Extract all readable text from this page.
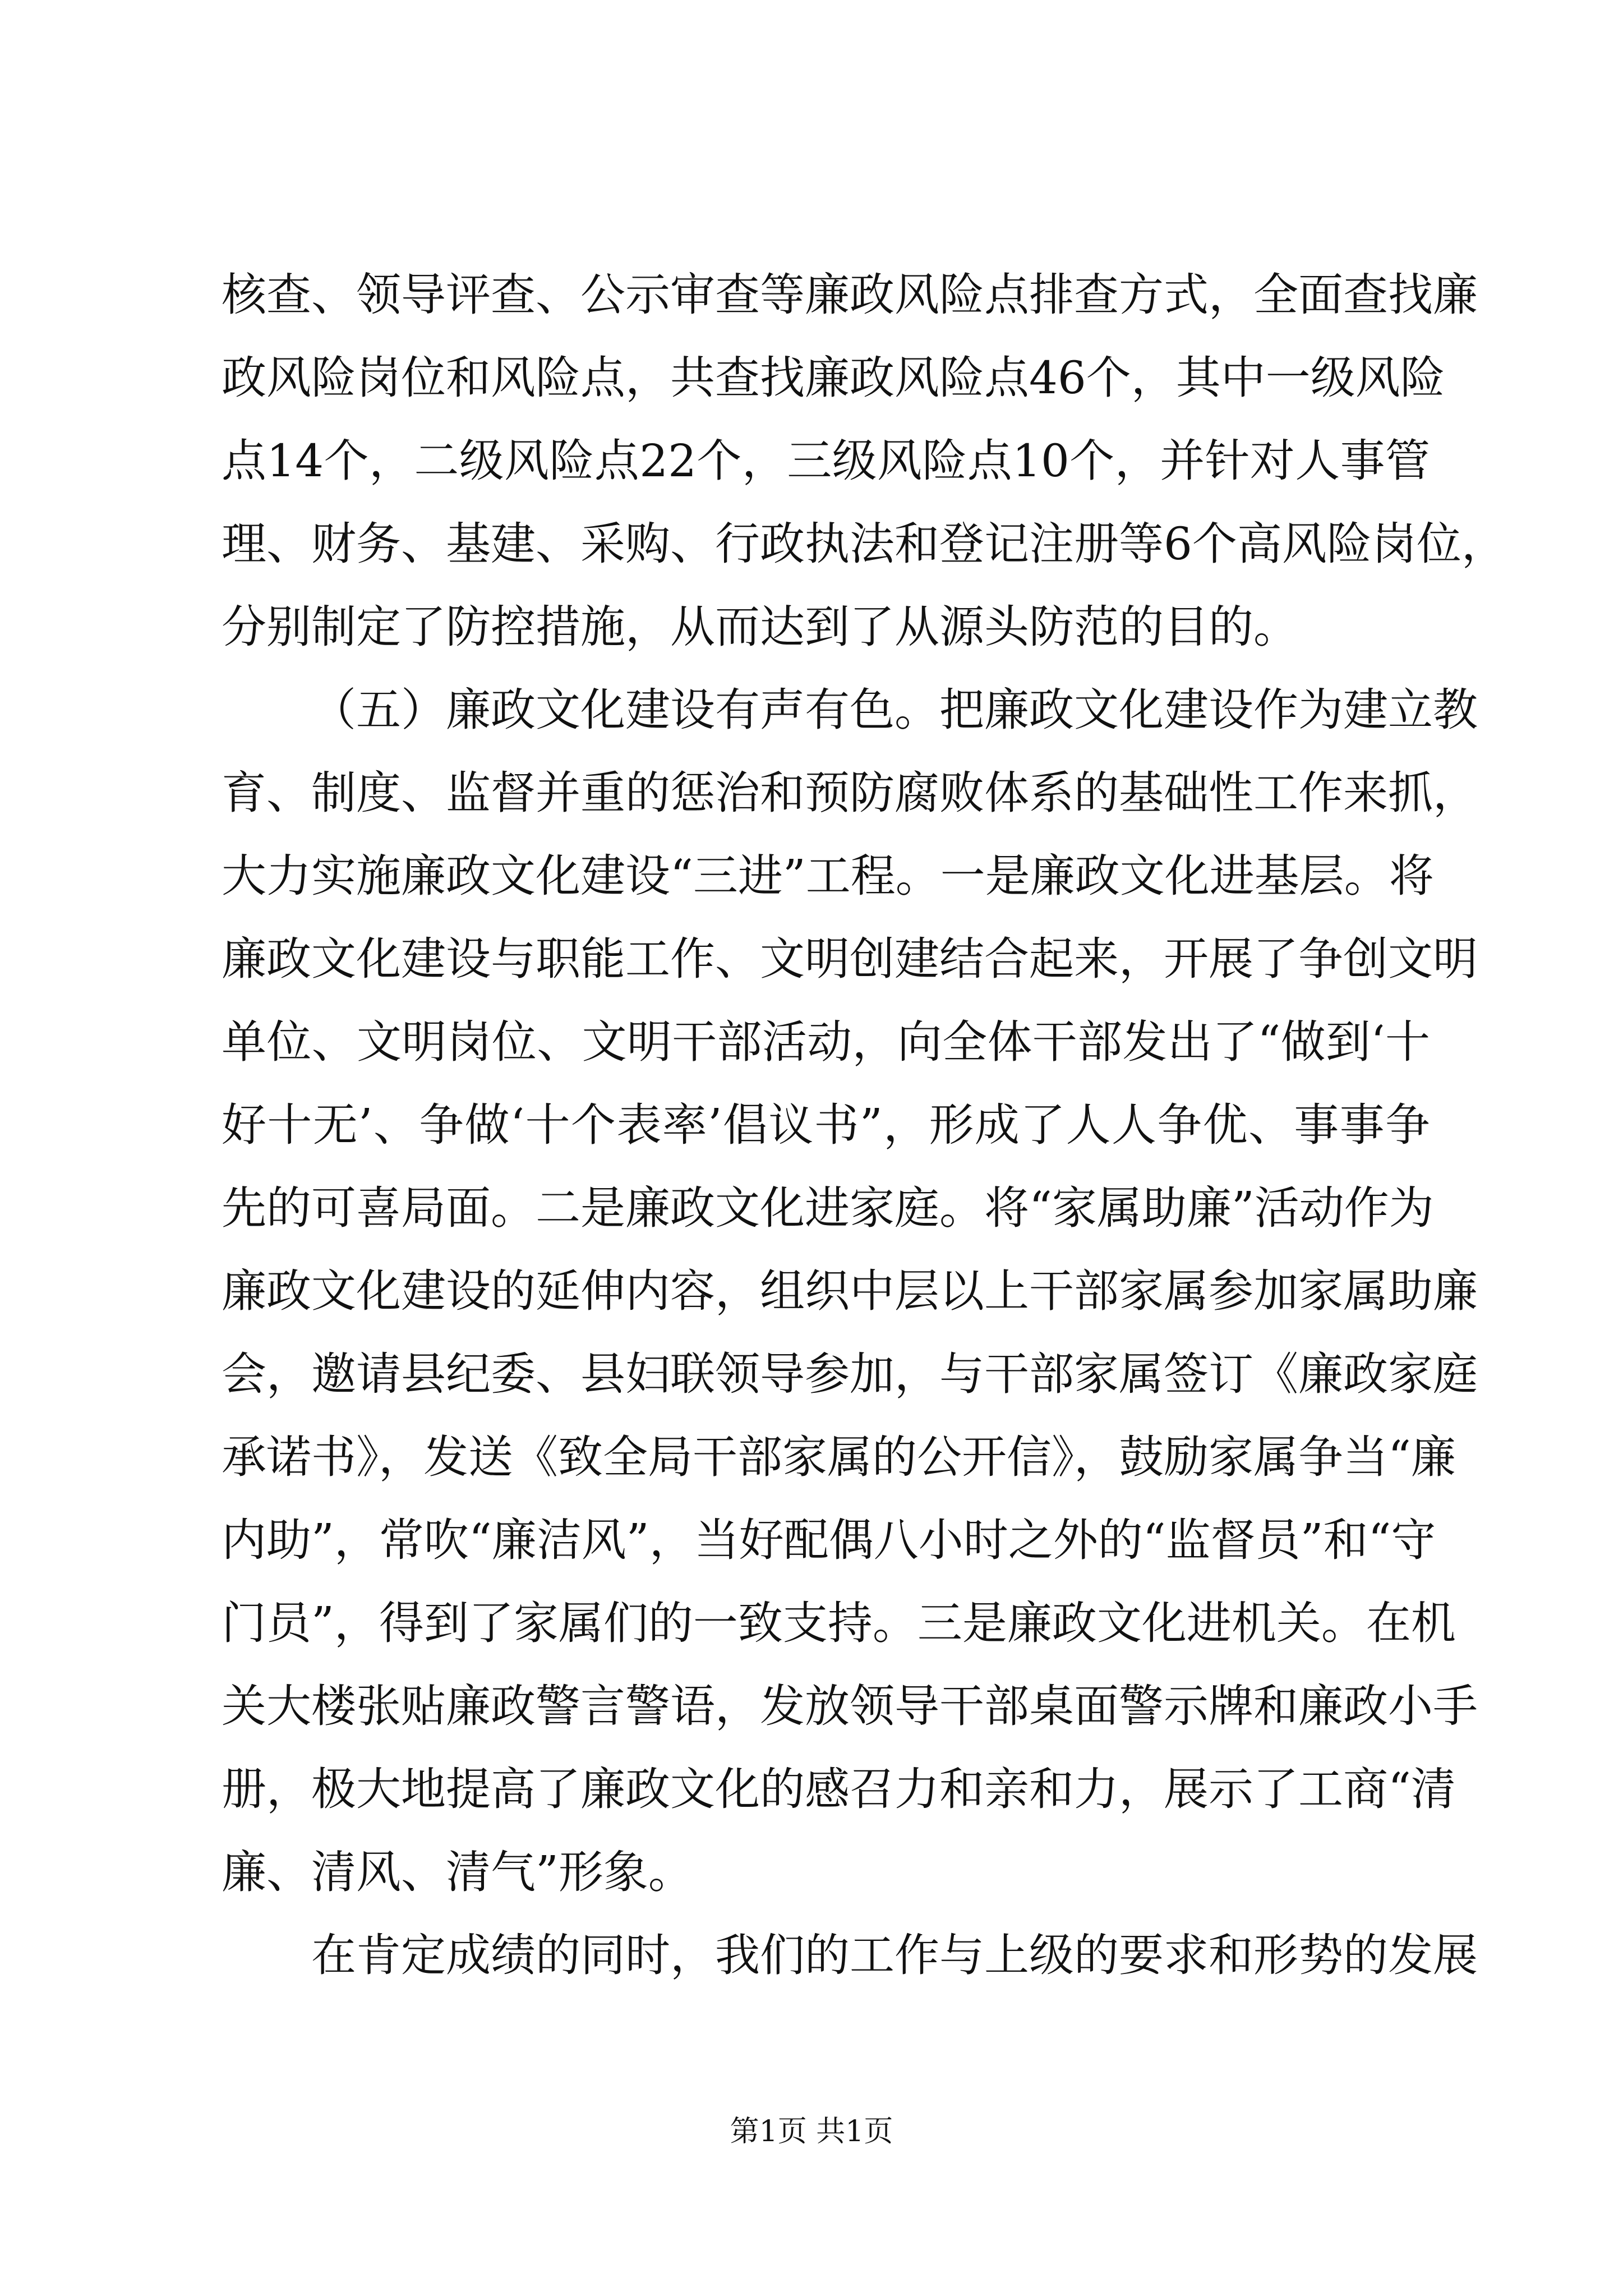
核查、领导评查、公示审查等廉政风险点排查方式，全面查找廉
政风险岗位和风险点，共查找廉政风险点46个，其中一级风险
点14个，二级风险点22个，三级风险点10个，并针对人事管
理、财务、基建、采购、行政执法和登记注册等6个高风险岗位，
分别制定了防控措施，从而达到了从源头防范的目的。
（五）廉政文化建设有声有色。把廉政文化建设作为建立教
育、制度、监督并重的惩治和预防腐败体系的基础性工作来抓，
大力实施廉政文化建设“三进”工程。一是廉政文化进基层。将
廉政文化建设与职能工作、文明创建结合起来，开展了争创文明
单位、文明岗位、文明干部活动，向全体干部发出了“做到‘十
好十无’、争做‘十个表率’倡议书”，形成了人人争优、事事争
先的可喜局面。二是廉政文化进家庭。将“家属助廉”活动作为
廉政文化建设的延伸内容，组织中层以上干部家属参加家属助廉
会，邀请县纪委、县妇联领导参加，与干部家属签订《廉政家庭
承诺书》，发送《致全局干部家属的公开信》，鼓励家属争当“廉
内助”，常吹“廉洁风”，当好配偶八小时之外的“监督员”和“守
门员”，得到了家属们的一致支持。三是廉政文化进机关。在机
关大楼张贴廉政警言警语，发放领导干部桌面警示牌和廉政小手
册，极大地提高了廉政文化的感召力和亲和力，展示了工商“清
廉、清风、清气”形象。
在肯定成绩的同时，我们的工作与上级的要求和形势的发展
第1页 共1页
